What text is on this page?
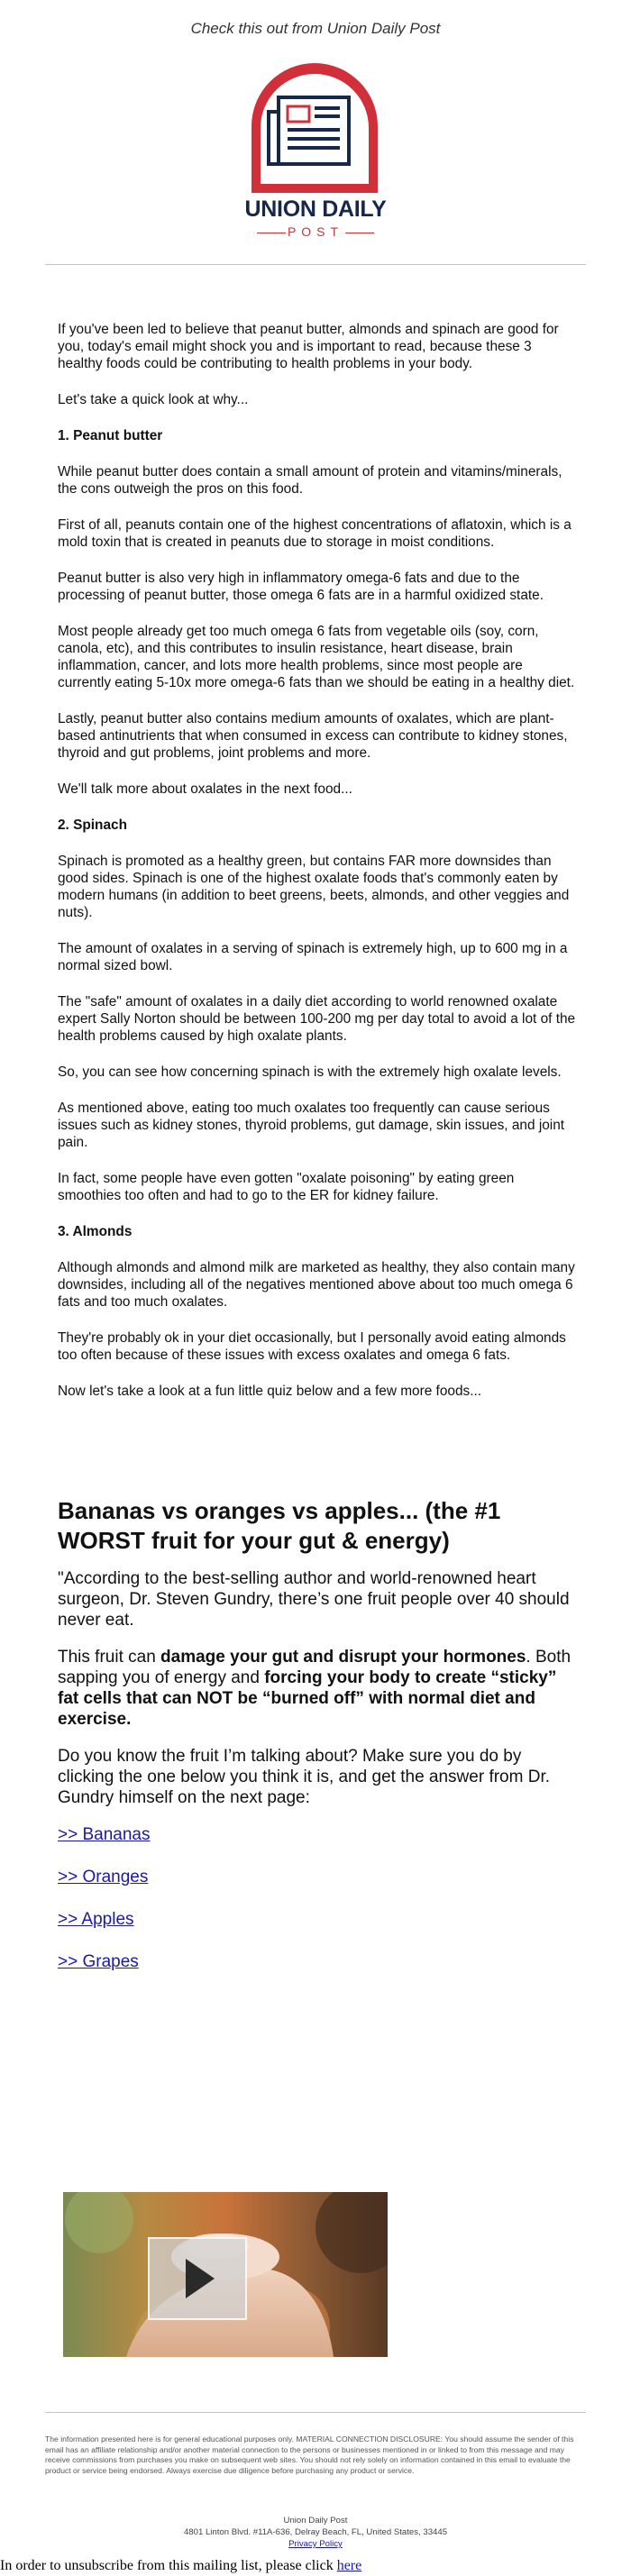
Check this out from Union Daily Post

UNION DAILY

POST

If you've been led to believe that peanut butter, almonds and spinach are good for you, today's email might shock you and is important to read, because these 3 healthy foods could be contributing to health problems in your body.

Let's take a quick look at why...

1. Peanut butter

While peanut butter does contain a small amount of protein and vitamins/minerals, the cons outweigh the pros on this food.

First of all, peanuts contain one of the highest concentrations of aflatoxin, which is a mold toxin that is created in peanuts due to storage in moist conditions.

Peanut butter is also very high in inflammatory omega-6 fats and due to the processing of peanut butter, those omega 6 fats are in a harmful oxidized state.

Most people already get too much omega 6 fats from vegetable oils (soy, corn, canola, etc), and this contributes to insulin resistance, heart disease, brain inflammation, cancer, and lots more health problems, since most people are currently eating 5-10x more omega-6 fats than we should be eating in a healthy diet.

Lastly, peanut butter also contains medium amounts of oxalates, which are plant-based antinutrients that when consumed in excess can contribute to kidney stones, thyroid and gut problems, joint problems and more.

We'll talk more about oxalates in the next food...

2. Spinach

Spinach is promoted as a healthy green, but contains FAR more downsides than good sides. Spinach is one of the highest oxalate foods that's commonly eaten by modern humans (in addition to beet greens, beets, almonds, and other veggies and nuts).

The amount of oxalates in a serving of spinach is extremely high, up to 600 mg in a normal sized bowl.

The "safe" amount of oxalates in a daily diet according to world renowned oxalate expert Sally Norton should be between 100-200 mg per day total to avoid a lot of the health problems caused by high oxalate plants.

So, you can see how concerning spinach is with the extremely high oxalate levels.

As mentioned above, eating too much oxalates too frequently can cause serious issues such as kidney stones, thyroid problems, gut damage, skin issues, and joint pain.

In fact, some people have even gotten "oxalate poisoning" by eating green smoothies too often and had to go to the ER for kidney failure.

3. Almonds

Although almonds and almond milk are marketed as healthy, they also contain many downsides, including all of the negatives mentioned above about too much omega 6 fats and too much oxalates.

They're probably ok in your diet occasionally, but I personally avoid eating almonds too often because of these issues with excess oxalates and omega 6 fats.

Now let's take a look at a fun little quiz below and a few more foods...

Bananas vs oranges vs apples... (the #1 WORST fruit for your gut & energy)

"According to the best-selling author and world-renowned heart surgeon, Dr. Steven Gundry, there’s one fruit people over 40 should never eat.

This fruit can damage your gut and disrupt your hormones. Both sapping you of energy and forcing your body to create “sticky” fat cells that can NOT be “burned off” with normal diet and exercise.

Do you know the fruit I’m talking about? Make sure you do by clicking the one below you think it is, and get the answer from Dr. Gundry himself on the next page:

>> Bananas
>> Oranges
>> Apples
>> Grapes

The information presented here is for general educational purposes only. MATERIAL CONNECTION DISCLOSURE: You should assume the sender of this email has an affiliate relationship and/or another material connection to the persons or businesses mentioned in or linked to from this message and may receive commissions from purchases you make on subsequent web sites. You should not rely solely on information contained in this email to evaluate the product or service being endorsed. Always exercise due diligence before purchasing any product or service.

Union Daily Post
4801 Linton Blvd. #11A-636, Delray Beach, FL, United States, 33445
Privacy Policy

In order to unsubscribe from this mailing list, please click here
